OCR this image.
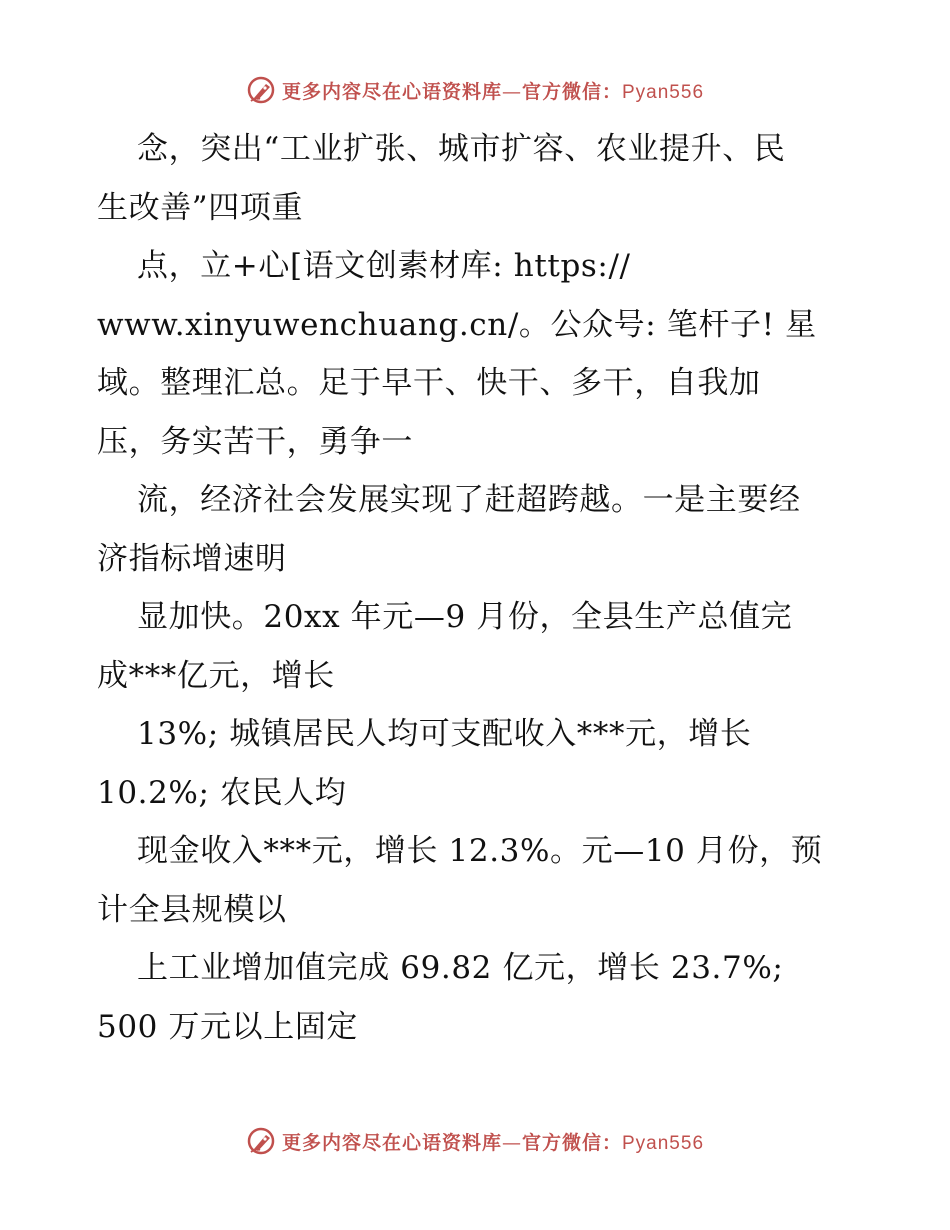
更多内容尽在心语资料库—官方微信：Pyan556
念，突出“工业扩张、城市扩容、农业提升、民
生改善”四项重
点，立+心[语文创素材库: https://
www.xinyuwenchuang.cn/。公众号: 笔杆子! 星
域。整理汇总。足于早干、快干、多干，自我加
压，务实苦干，勇争一
流，经济社会发展实现了赶超跨越。一是主要经
济指标增速明
显加快。20xx 年元—9 月份，全县生产总值完
成***亿元，增长
13%; 城镇居民人均可支配收入***元，增长
10.2%; 农民人均
现金收入***元，增长 12.3%。元—10 月份，预
计全县规模以
上工业增加值完成 69.82 亿元，增长 23.7%;
500 万元以上固定
更多内容尽在心语资料库—官方微信：Pyan556
